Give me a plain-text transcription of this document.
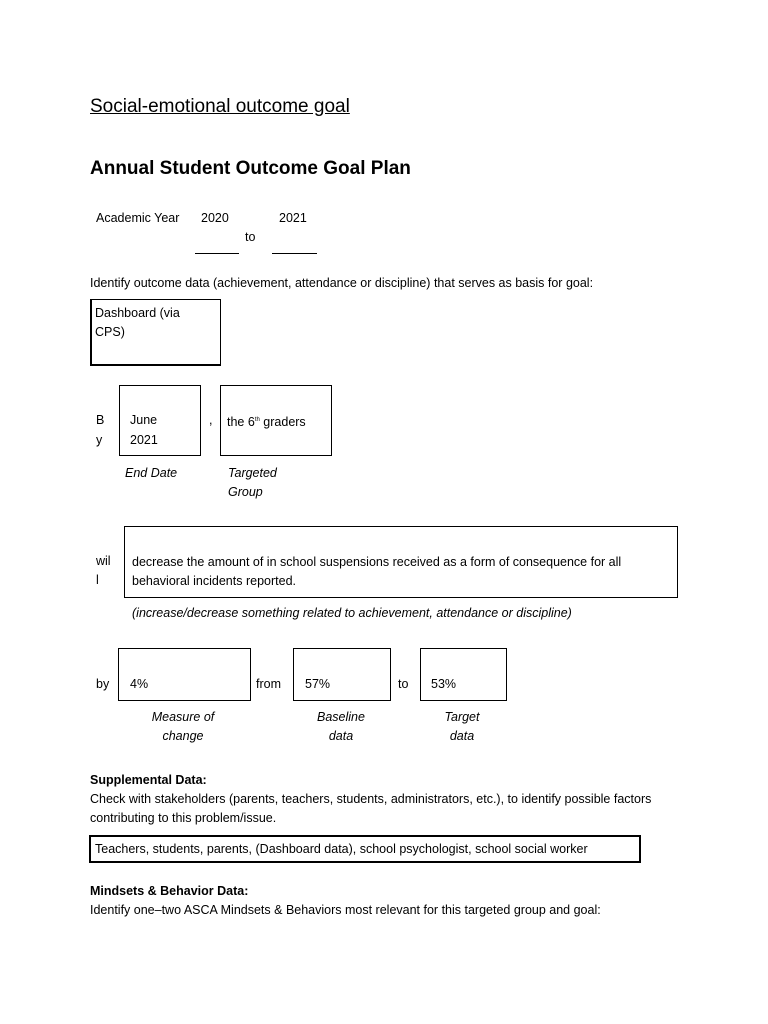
Social-emotional outcome goal
Annual Student Outcome Goal Plan
Academic Year 2020	2021
to
Identify outcome data (achievement, attendance or discipline) that serves as basis for goal:
Dashboard (via CPS)
B
y
June
2021
, the 6th graders
End Date	Targeted
Group
wil
l
decrease the amount of in school suspensions received as a form of consequence for all behavioral incidents reported.
(increase/decrease something related to achievement, attendance or discipline)
by 4%	from 57%	to 53%
Measure of
change
Baseline
data
Target
data
Supplemental Data:
Check with stakeholders (parents, teachers, students, administrators, etc.), to identify possible factors contributing to this problem/issue.
Teachers, students, parents, (Dashboard data), school psychologist, school social worker
Mindsets & Behavior Data:
Identify one–two ASCA Mindsets & Behaviors most relevant for this targeted group and goal:
